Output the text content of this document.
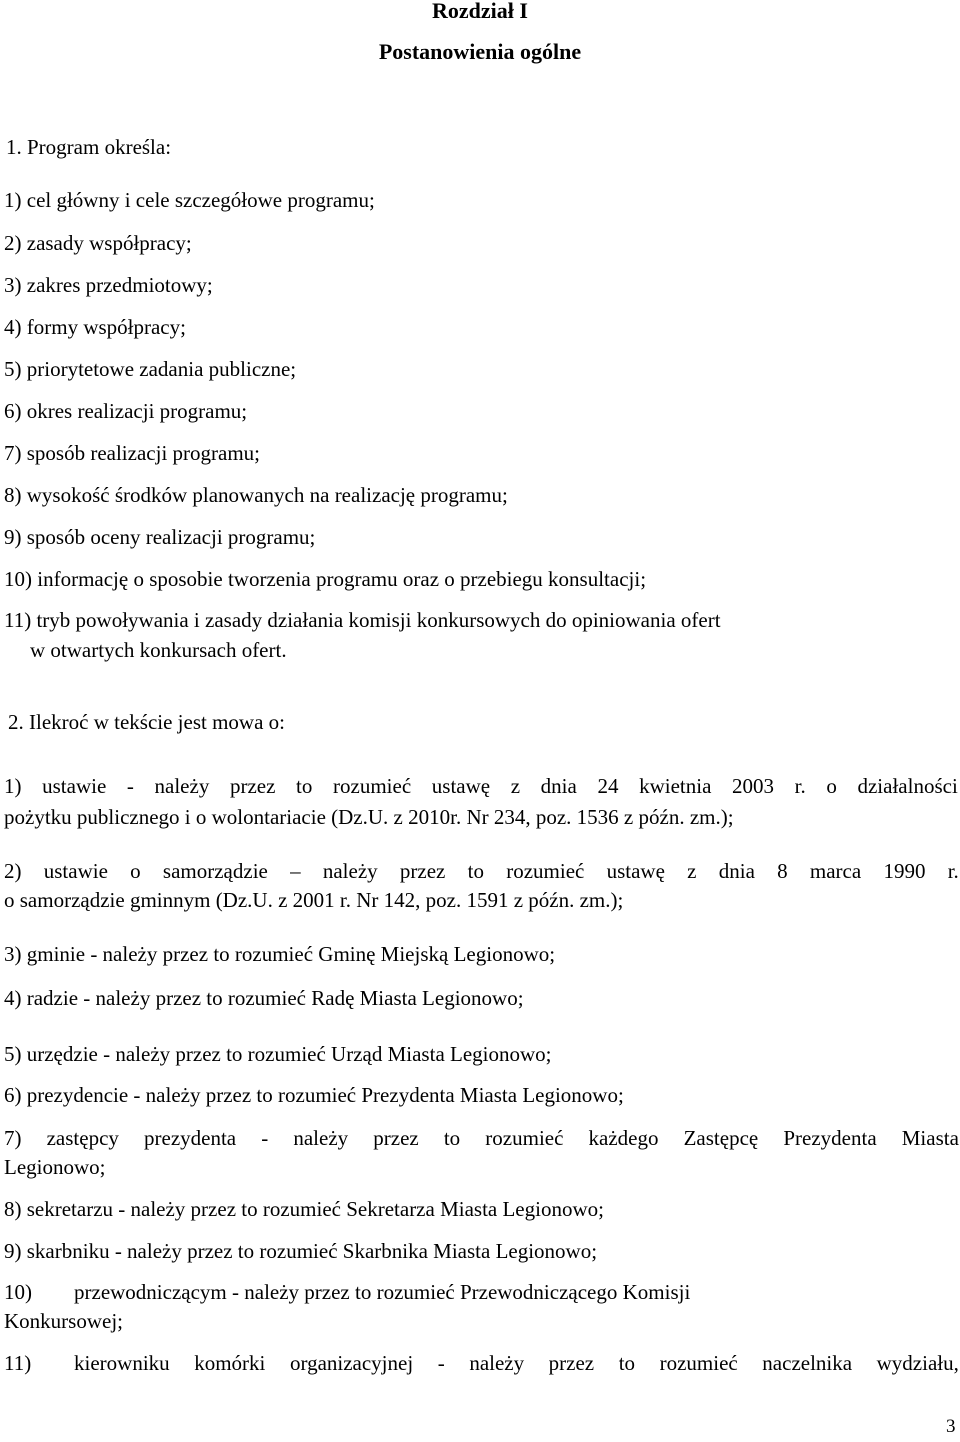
Rozdział I
Postanowienia ogólne
1. Program określa:
1) cel główny i cele szczegółowe programu;
2) zasady współpracy;
3) zakres przedmiotowy;
4) formy współpracy;
5) priorytetowe zadania publiczne;
6) okres realizacji programu;
7) sposób realizacji programu;
8) wysokość środków planowanych na realizację programu;
9) sposób oceny realizacji programu;
10) informację o sposobie tworzenia programu oraz o przebiegu konsultacji;
11) tryb powoływania i zasady działania komisji konkursowych do opiniowania ofert
w otwartych konkursach ofert.
2. Ilekroć w tekście jest mowa o:
1) ustawie - należy przez to rozumieć ustawę z dnia 24 kwietnia 2003 r. o działalności
pożytku publicznego i o wolontariacie (Dz.U. z 2010r. Nr 234, poz. 1536 z późn. zm.);
2) ustawie o samorządzie – należy przez to rozumieć ustawę z dnia 8 marca 1990 r.
o samorządzie gminnym (Dz.U. z 2001 r. Nr 142, poz. 1591 z późn. zm.);
3) gminie - należy przez to rozumieć Gminę Miejską Legionowo;
4) radzie - należy przez to rozumieć Radę Miasta Legionowo;
5) urzędzie - należy przez to rozumieć Urząd Miasta Legionowo;
6) prezydencie - należy przez to rozumieć Prezydenta Miasta Legionowo;
7) zastępcy prezydenta - należy przez to rozumieć każdego Zastępcę Prezydenta Miasta
Legionowo;
8) sekretarzu - należy przez to rozumieć Sekretarza Miasta Legionowo;
9) skarbniku - należy przez to rozumieć Skarbnika Miasta Legionowo;
10) przewodniczącym - należy przez to rozumieć Przewodniczącego Komisji
Konkursowej;
11)	kierowniku komórki organizacyjnej - należy przez to rozumieć naczelnika wydziału,
3
